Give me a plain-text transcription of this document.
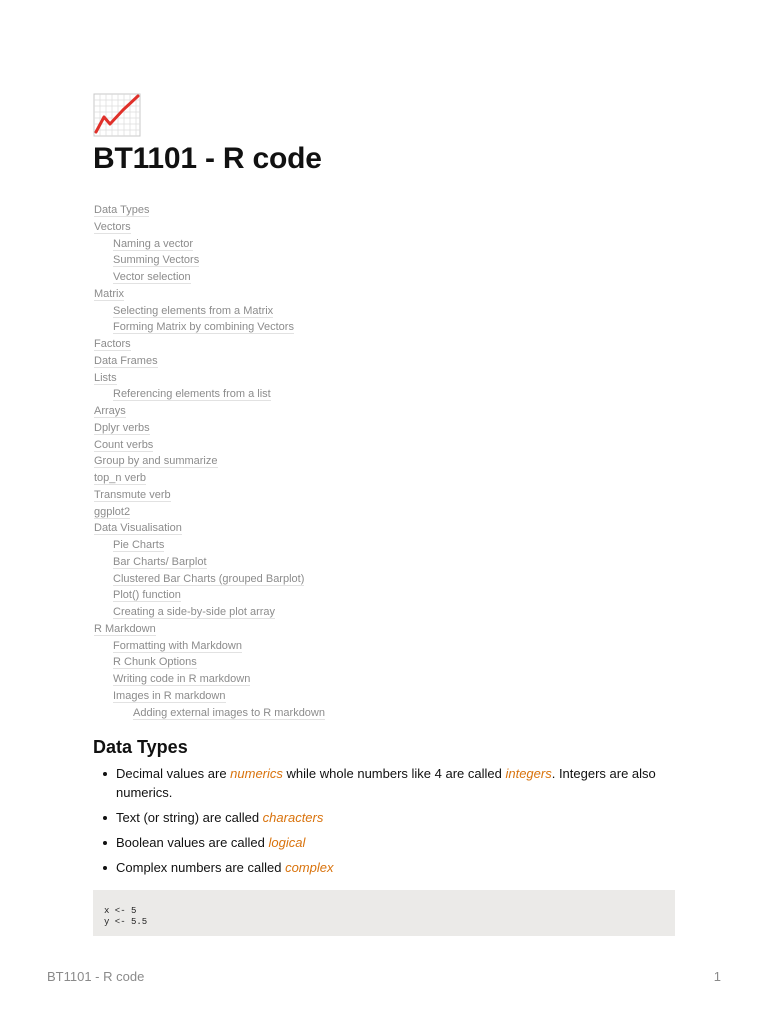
BT1101 - R code
Data Types
Vectors
Naming a vector
Summing Vectors
Vector selection
Matrix
Selecting elements from a Matrix
Forming Matrix by combining Vectors
Factors
Data Frames
Lists
Referencing elements from a list
Arrays
Dplyr verbs
Count verbs
Group by and summarize
top_n verb
Transmute verb
ggplot2
Data Visualisation
Pie Charts
Bar Charts/ Barplot
Clustered Bar Charts (grouped Barplot)
Plot() function
Creating a side-by-side plot array
R Markdown
Formatting with Markdown
R Chunk Options
Writing code in R markdown
Images in R markdown
Adding external images to R markdown
Data Types
Decimal values are numerics while whole numbers like 4 are called integers. Integers are also numerics.
Text (or string) are called characters
Boolean values are called logical
Complex numbers are called complex
x <- 5
y <- 5.5
BT1101 - R code	1
